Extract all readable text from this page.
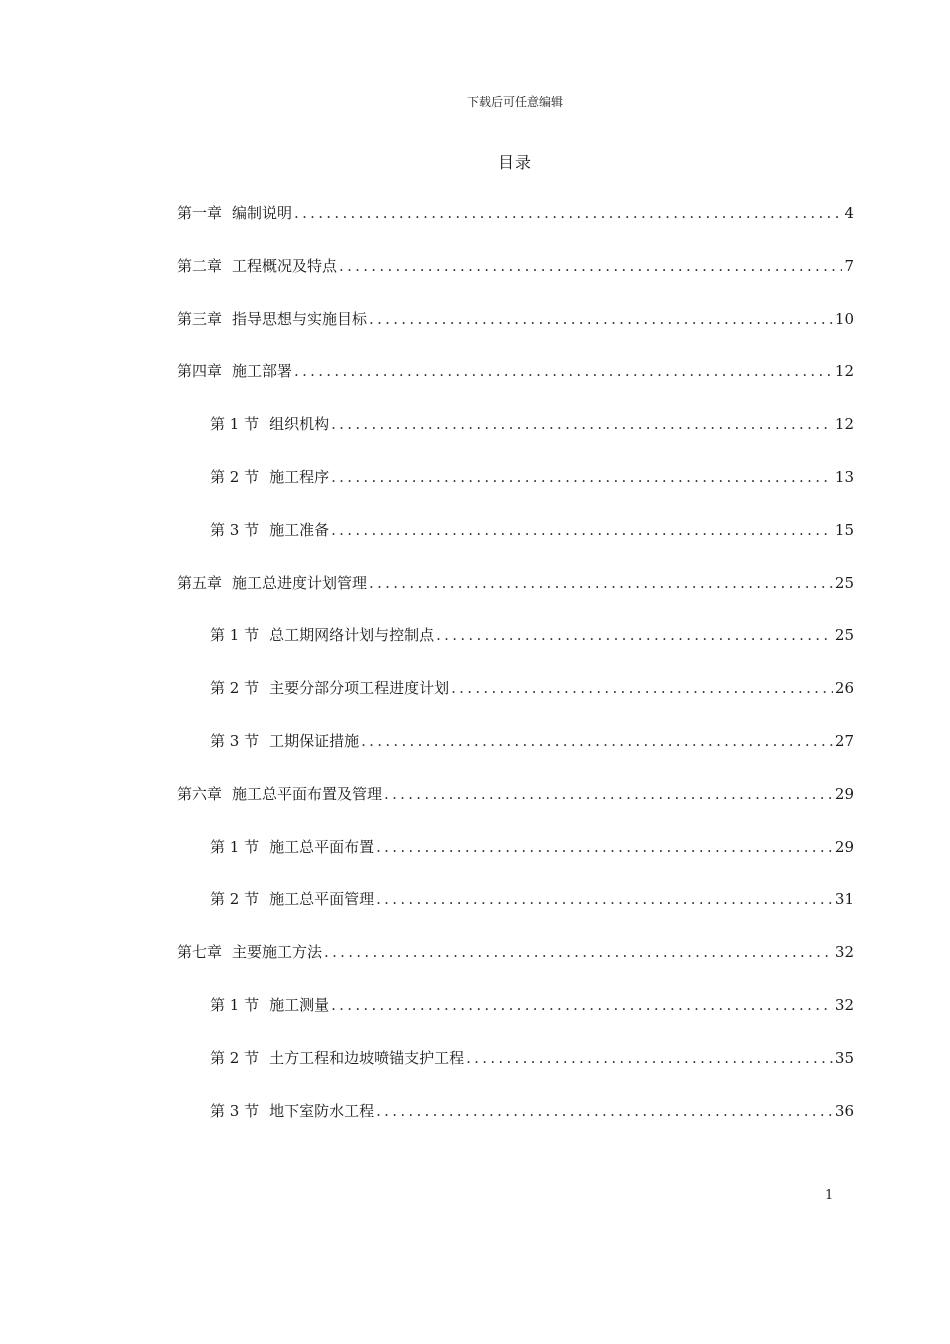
下载后可任意编辑
目录
第一章 编制说明 .....	4
第二章 工程概况及特点 .....	7
第三章 指导思想与实施目标 .....	10
第四章 施工部署 .....	12
第 1 节 组织机构 .....	12
第 2 节 施工程序 .....	13
第 3 节 施工准备 .....	15
第五章 施工总进度计划管理 .....	25
第 1 节 总工期网络计划与控制点 .....	25
第 2 节 主要分部分项工程进度计划 .....	26
第 3 节 工期保证措施 .....	27
第六章 施工总平面布置及管理 .....	29
第 1 节 施工总平面布置 .....	29
第 2 节 施工总平面管理 .....	31
第七章 主要施工方法 .....	32
第 1 节 施工测量 .....	32
第 2 节 土方工程和边坡喷锚支护工程 .....	35
第 3 节 地下室防水工程 .....	36
1
